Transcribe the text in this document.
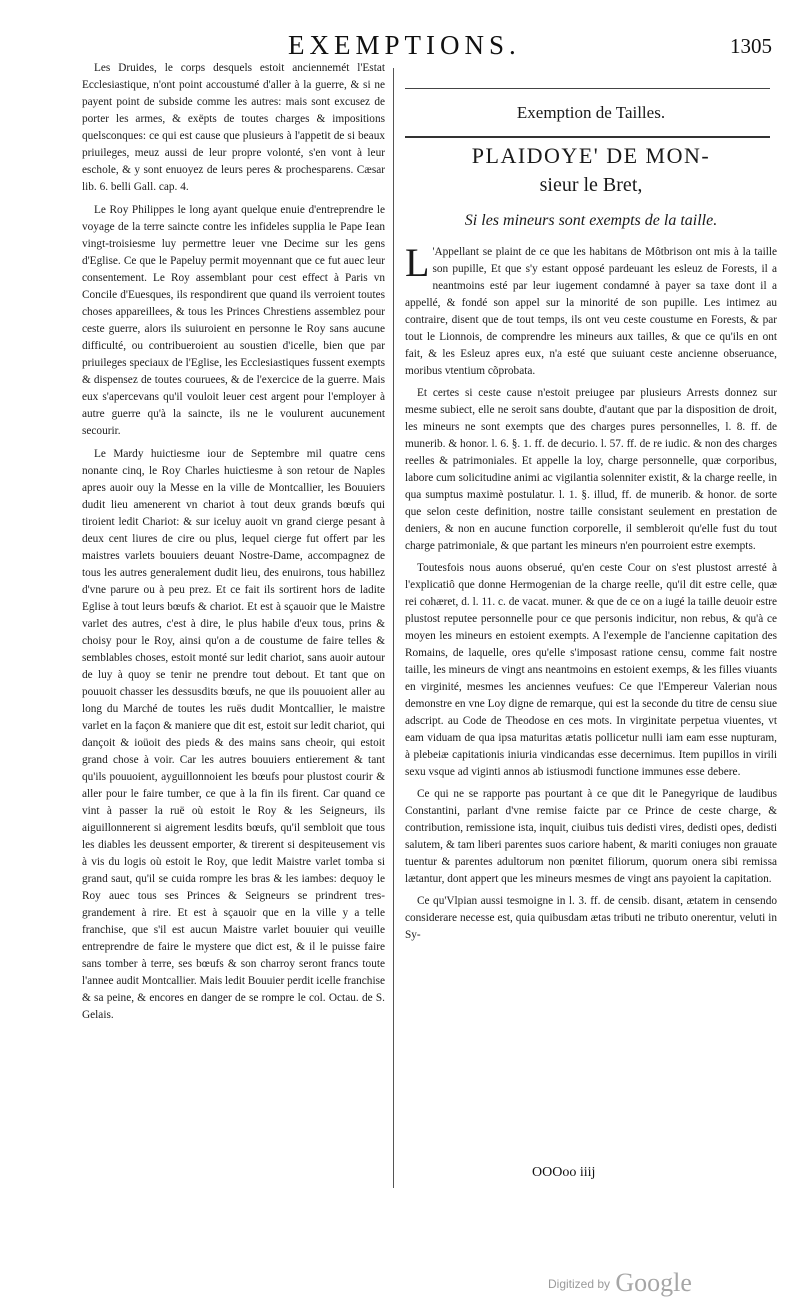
EXEMPTIONS.	1305

Les Druides, le corps desquels estoit anciennemét l'Estat Ecclesiastique, n'ont point accoustumé d'aller à la guerre, & si ne payent point de subside comme les autres: mais sont excusez de porter les armes, & exëpts de toutes charges & impositions quelsconques: ce qui est cause que plusieurs à l'appetit de si beaux priuileges, meuz aussi de leur propre volonté, s'en vont à leur eschole, & y sont enuoyez de leurs peres & prochesparens. Cæsar lib. 6. belli Gall. cap. 4.

Le Roy Philippes le long ayant quelque enuie d'entreprendre le voyage de la terre saincte contre les infideles supplia le Pape Iean vingt-troisiesme luy permettre leuer vne Decime sur les gens d'Eglise. Ce que le Papeluy permit moyennant que ce fut auec leur consentement. Le Roy assemblant pour cest effect à Paris vn Concile d'Euesques, ils respondirent que quand ils verroient toutes choses appareillees, & tous les Princes Chrestiens assemblez pour ceste guerre, alors ils suiuroient en personne le Roy sans aucune difficulté, ou contribueroient au soustien d'icelle, bien que par priuileges speciaux de l'Eglise, les Ecclesiastiques fussent exempts & dispensez de toutes couruees, & de l'exercice de la guerre. Mais eux s'apercevans qu'il vouloit leuer cest argent pour l'employer à autre guerre qu'à la saincte, ils ne le voulurent aucunement secourir.

Le Mardy huictiesme iour de Septembre mil quatre cens nonante cinq, le Roy Charles huictiesme à son retour de Naples apres auoir ouy la Messe en la ville de Montcallier, les Bouuiers dudit lieu amenerent vn chariot à tout deux grands bœufs qui tiroient ledit Chariot: & sur iceluy auoit vn grand cierge pesant à deux cent liures de cire ou plus, lequel cierge fut offert par les maistres varlets bouuiers deuant Nostre-Dame, accompagnez de tous les autres generalement dudit lieu, des enuirons, tous habillez d'vne parure ou à peu prez. Et ce fait ils sortirent hors de ladite Eglise à tout leurs bœufs & chariot. Et est à sçauoir que le Maistre varlet des autres, c'est à dire, le plus habile d'eux tous, prins & choisy pour le Roy, ainsi qu'on a de coustume de faire telles & semblables choses, estoit monté sur ledit chariot, sans auoir autour de luy à quoy se tenir ne prendre tout debout. Et tant que on pouuoit chasser les dessusdits bœufs, ne que ils pouuoient aller au long du Marché de toutes les ruës dudit Montcallier, le maistre varlet en la façon & maniere que dit est, estoit sur ledit chariot, qui dançoit & ioüoit des pieds & des mains sans cheoir, qui estoit grand chose à voir. Car les autres bouuiers entierement & tant qu'ils pouuoient, ayguillonnoient les bœufs pour plustost courir & aller pour le faire tumber, ce que à la fin ils firent. Car quand ce vint à passer la ruë où estoit le Roy & les Seigneurs, ils aiguillonnerent si aigrement lesdits bœufs, qu'il sembloit que tous les diables les deussent emporter, & tirerent si despiteusement vis à vis du logis où estoit le Roy, que ledit Maistre varlet tomba si grand saut, qu'il se cuida rompre les bras & les iambes: dequoy le Roy auec tous ses Princes & Seigneurs se prindrent tres-grandement à rire. Et est à sçauoir que en la ville y a telle franchise, que s'il est aucun Maistre varlet bouuier qui veuille entreprendre de faire le mystere que dict est, & il le puisse faire sans tomber à terre, ses bœufs & son charroy seront francs toute l'annee audit Montcallier. Mais ledit Bouuier perdit icelle franchise & sa peine, & encores en danger de se rompre le col. Octau. de S. Gelais.

Exemption de Tailles.
PLAIDOYE' DE MON-
sieur le Bret,
Si les mineurs sont exempts de la taille.

L 'Appellant se plaint de ce que les habitans de Môtbrison ont mis à la taille son pupille, Et que s'y estant opposé pardeuant les esleuz de Forests, il a neantmoins esté par leur iugement condamné à payer sa taxe dont il a appellé, & fondé son appel sur la minorité de son pupille. Les intimez au contraire, disent que de tout temps, ils ont veu ceste coustume en Forests, & par tout le Lionnois, de comprendre les mineurs aux tailles, & que ce qu'ils en ont fait, & les Esleuz apres eux, n'a esté que suiuant ceste ancienne obseruance, moribus vtentium cõprobata.

Et certes si ceste cause n'estoit preiugee par plusieurs Arrests donnez sur mesme subiect, elle ne seroit sans doubte, d'autant que par la disposition de droit, les mineurs ne sont exempts que des charges pures personnelles, l. 8. ff. de munerib. & honor. l. 6. §. 1. ff. de decurio. l. 57. ff. de re iudic. & non des charges reelles & patrimoniales. Et appelle la loy, charge personnelle, quæ corporibus, labore cum solicitudine animi ac vigilantia solenniter existit, & la charge reelle, in qua sumptus maximè postulatur. l. 1. §. illud, ff. de munerib. & honor. de sorte que selon ceste definition, nostre taille consistant seulement en prestation de deniers, & non en aucune function corporelle, il sembleroit qu'elle fust du tout charge patrimoniale, & que partant les mineurs n'en pourroient estre exempts.

Toutesfois nous auons obserué, qu'en ceste Cour on s'est plustost arresté à l'explicatiô que donne Hermogenian de la charge reelle, qu'il dit estre celle, quæ rei cohæret, d. l. 11. c. de vacat. muner. & que de ce on a iugé la taille deuoir estre plustost reputee personnelle pour ce que personis indicitur, non rebus, & qu'à ce moyen les mineurs en estoient exempts. A l'exemple de l'ancienne capitation des Romains, de laquelle, ores qu'elle s'imposast ratione censu, comme fait nostre taille, les mineurs de vingt ans neantmoins en estoient exemps, & les filles viuants en virginité, mesmes les anciennes veufues: Ce que l'Empereur Valerian nous demonstre en vne Loy digne de remarque, qui est la seconde du titre de censu siue adscript. au Code de Theodose en ces mots. In virginitate perpetua viuentes, vt eam viduam de qua ipsa maturitas ætatis pollicetur nulli iam eam esse nupturam, à plebeiæ capitationis iniuria vindicandas esse decernimus. Item pupillos in virili sexu vsque ad viginti annos ab istiusmodi functione immunes esse debere.

Ce qui ne se rapporte pas pourtant à ce que dit le Panegyrique de laudibus Constantini, parlant d'vne remise faicte par ce Prince de ceste charge, & contribution, remissione ista, inquit, ciuibus tuis dedisti vires, dedisti opes, dedisti salutem, & tam liberi parentes suos cariore habent, & mariti coniuges non grauate tuentur & parentes adultorum non pœnitet filiorum, quorum onera sibi remissa lætantur, dont appert que les mineurs mesmes de vingt ans payoient la capitation.

Ce qu'Vlpian aussi tesmoigne in l. 3. ff. de censib. disant, ætatem in censendo considerare necesse est, quia quibusdam ætas tributi ne tributo onerentur, veluti in Sy-

OOOoo iiij
Digitized by Google
